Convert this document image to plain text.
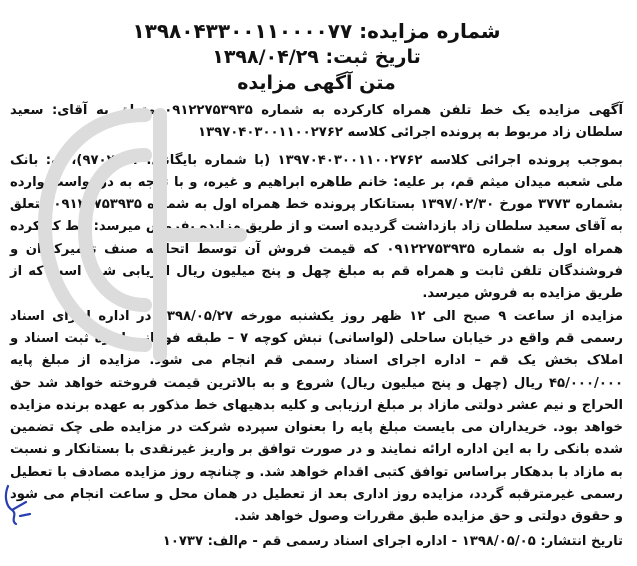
شماره مزایده: ۱۳۹۸۰۴۳۳۰۰۱۱۰۰۰۰۷۷

تاریخ ثبت: ۱۳۹۸/۰۴/۲۹

متن آگهی مزایده

آگهی مزایده یک خط تلفن همراه کارکرده به شماره ۰۹۱۲۲۷۵۳۹۳۵ متعلق به آقای: سعید سلطان زاد مربوط به پرونده اجرائی کلاسه ۱۳۹۷۰۴۰۳۰۰۱۱۰۰۲۷۶۲

بموجب پرونده اجرائی کلاسه ۱۳۹۷۰۴۰۳۰۰۱۱۰۰۲۷۶۲ (با شماره بایگانی: ۹۷۰۲۹۰۱)، له: بانک ملی شعبه میدان میثم قم، بر علیه: خانم طاهره ابراهیم و غیره، و با توجه به درخواست وارده بشماره ۳۷۷۳ مورخ ۱۳۹۷/۰۲/۳۰ بستانکار پرونده خط همراه اول به شماره ۰۹۱۲۲۷۵۳۹۳۵ متعلق به آقای سعید سلطان زاد بازداشت گردیده است و از طریق مزایده بفروش میرسد: خط کارکرده همراه اول به شماره ۰۹۱۲۲۷۵۳۹۳۵ که قیمت فروش آن توسط اتحادیه صنف تعمیرکاران و فروشندگان تلفن ثابت و همراه قم به مبلغ چهل و پنج میلیون ریال ارزیابی شده است که از طریق مزایده به فروش میرسد.

مزایده از ساعت ۹ صبح الی ۱۲ ظهر روز یکشنبه مورخه ۱۳۹۸/۰۵/۲۷ در اداره اجرای اسناد رسمی قم واقع در خیابان ساحلی (لواسانی) نبش کوچه ۷ – طبقه فوقانی اداره ثبت اسناد و املاک بخش یک قم – اداره اجرای اسناد رسمی قم انجام می شود. مزایده از مبلغ پایه ۴۵/۰۰۰/۰۰۰ ریال (چهل و پنج میلیون ریال) شروع و به بالاترین قیمت فروخته خواهد شد حق الحراج و نیم عشر دولتی مازاد بر مبلغ ارزیابی و کلیه بدهیهای خط مذکور به عهده برنده مزایده خواهد بود. خریداران می بایست مبلغ پایه را بعنوان سپرده شرکت در مزایده طی چک تضمین شده بانکی را به این اداره ارائه نمایند و در صورت توافق بر واریز غیرنقدی با بستانکار و نسبت به مازاد با بدهکار براساس توافق کتبی اقدام خواهد شد. و چنانچه روز مزایده مصادف با تعطیل رسمی غیرمترقبه گردد، مزایده روز اداری بعد از تعطیل در همان محل و ساعت انجام می شود و حقوق دولتی و حق مزایده طبق مقررات وصول خواهد شد.

تاریخ انتشار: ۱۳۹۸/۰۵/۰۵ - اداره اجرای اسناد رسمی قم - م‌الف: ۱۰۷۳۷
